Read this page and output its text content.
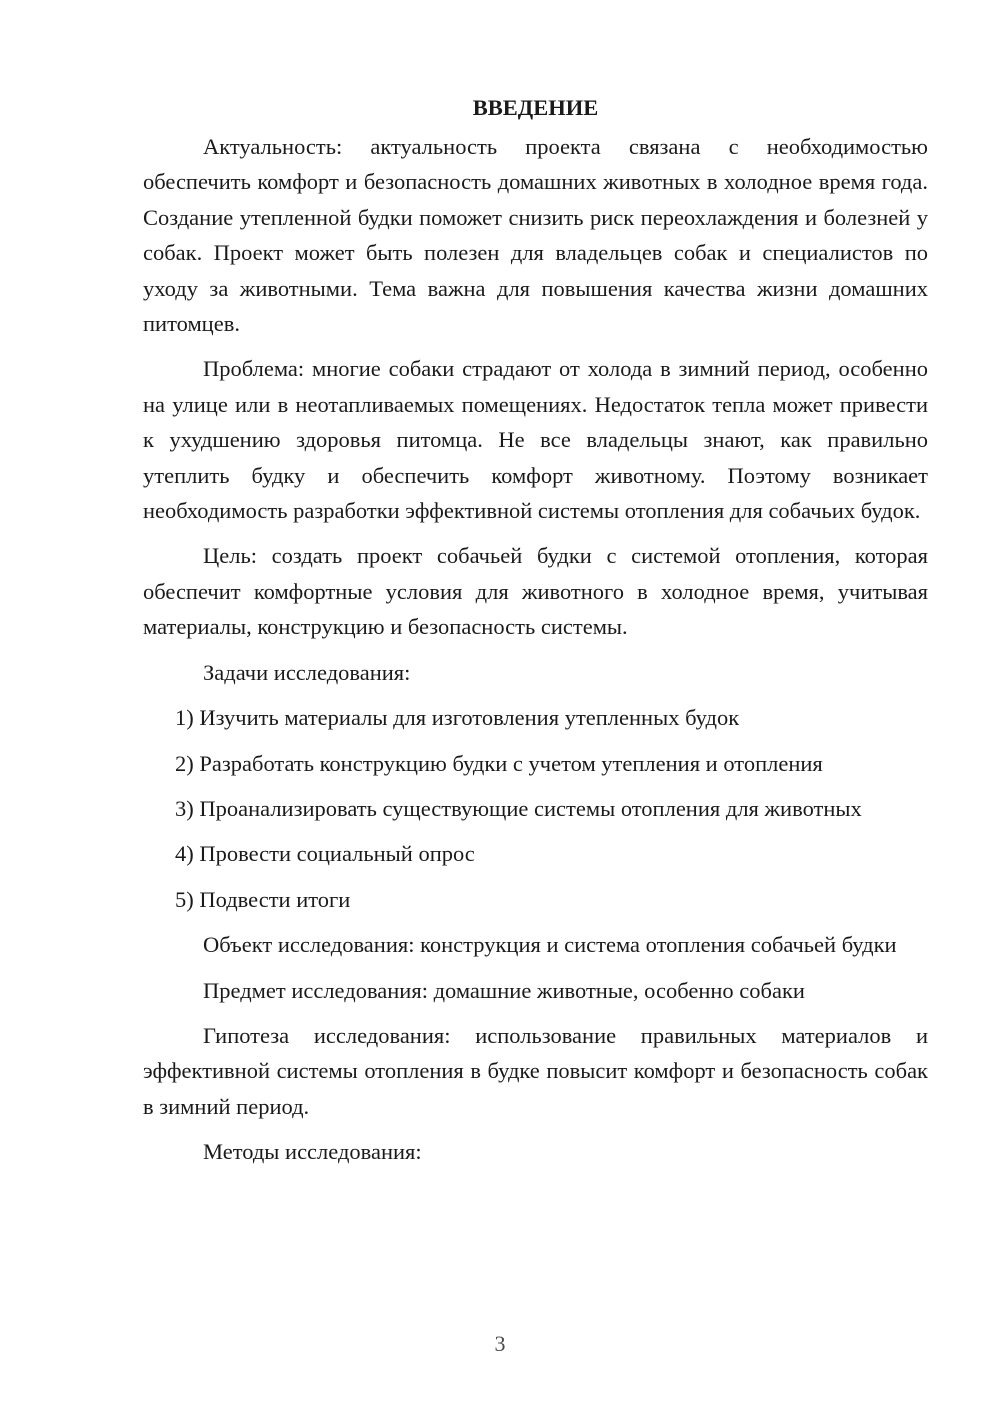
ВВЕДЕНИЕ

Актуальность: актуальность проекта связана с необходимостью обеспечить комфорт и безопасность домашних животных в холодное время года. Создание утепленной будки поможет снизить риск переохлаждения и болезней у собак. Проект может быть полезен для владельцев собак и специалистов по уходу за животными. Тема важна для повышения качества жизни домашних питомцев.

Проблема: многие собаки страдают от холода в зимний период, особенно на улице или в неотапливаемых помещениях. Недостаток тепла может привести к ухудшению здоровья питомца. Не все владельцы знают, как правильно утеплить будку и обеспечить комфорт животному. Поэтому возникает необходимость разработки эффективной системы отопления для собачьих будок.

Цель: создать проект собачьей будки с системой отопления, которая обеспечит комфортные условия для животного в холодное время, учитывая материалы, конструкцию и безопасность системы.

Задачи исследования:

1) Изучить материалы для изготовления утепленных будок

2) Разработать конструкцию будки с учетом утепления и отопления

3) Проанализировать существующие системы отопления для животных

4) Провести социальный опрос

5) Подвести итоги

Объект исследования: конструкция и система отопления собачьей будки

Предмет исследования: домашние животные, особенно собаки

Гипотеза исследования: использование правильных материалов и эффективной системы отопления в будке повысит комфорт и безопасность собак в зимний период.

Методы исследования:

3
